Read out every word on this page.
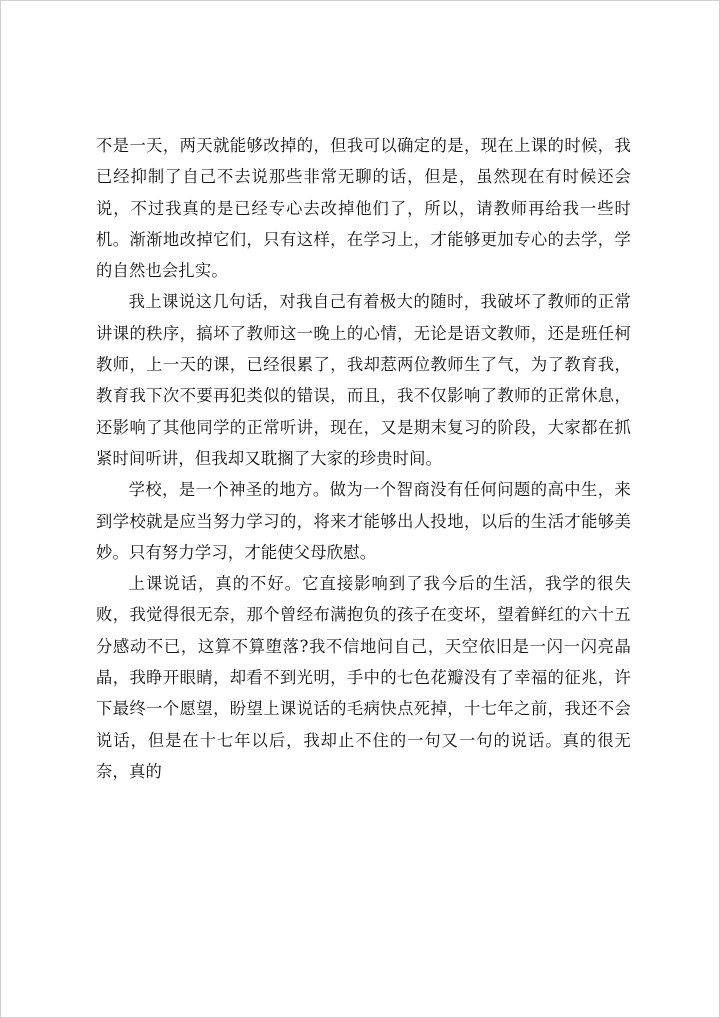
不是一天，两天就能够改掉的，但我可以确定的是，现在上课的时候，我已经抑制了自己不去说那些非常无聊的话，但是，虽然现在有时候还会说，不过我真的是已经专心去改掉他们了，所以，请教师再给我一些时机。渐渐地改掉它们，只有这样，在学习上，才能够更加专心的去学，学的自然也会扎实。

我上课说这几句话，对我自己有着极大的随时，我破坏了教师的正常讲课的秩序，搞坏了教师这一晚上的心情，无论是语文教师，还是班任柯教师，上一天的课，已经很累了，我却惹两位教师生了气，为了教育我，教育我下次不要再犯类似的错误，而且，我不仅影响了教师的正常休息，还影响了其他同学的正常听讲，现在，又是期末复习的阶段，大家都在抓紧时间听讲，但我却又耽搁了大家的珍贵时间。

学校，是一个神圣的地方。做为一个智商没有任何问题的高中生，来到学校就是应当努力学习的，将来才能够出人投地，以后的生活才能够美妙。只有努力学习，才能使父母欣慰。

上课说话，真的不好。它直接影响到了我今后的生活，我学的很失败，我觉得很无奈，那个曾经布满抱负的孩子在变坏，望着鲜红的六十五分感动不已，这算不算堕落?我不信地问自己，天空依旧是一闪一闪亮晶晶，我睁开眼睛，却看不到光明，手中的七色花瓣没有了幸福的征兆，许下最终一个愿望，盼望上课说话的毛病快点死掉，十七年之前，我还不会说话，但是在十七年以后，我却止不住的一句又一句的说话。真的很无奈，真的
